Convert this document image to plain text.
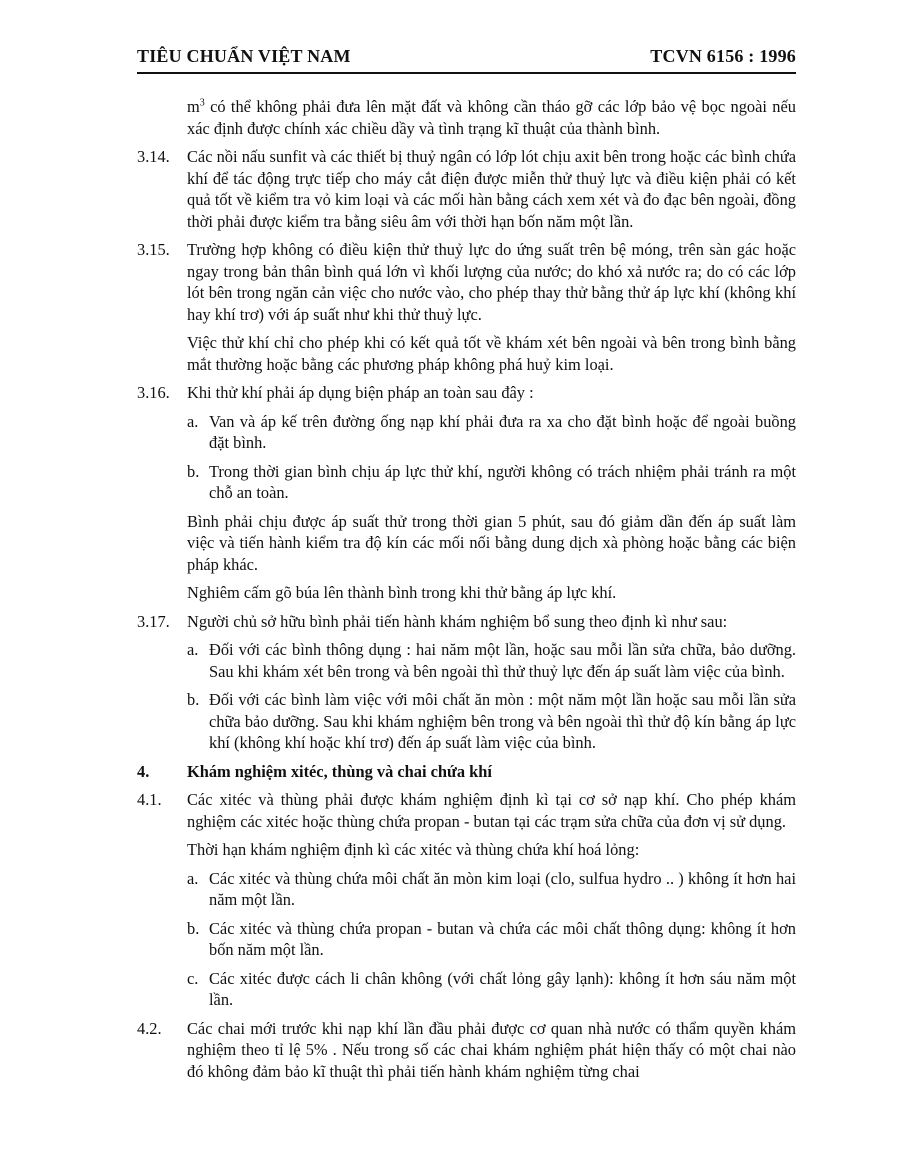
TIÊU CHUẨN VIỆT NAM	TCVN 6156 : 1996
$m^3$ có thể không phải đưa lên mặt đất và không cần tháo gỡ các lớp bảo vệ bọc ngoài nếu xác định được chính xác chiều dầy và tình trạng kĩ thuật của thành bình.
3.14. Các nồi nấu sunfit và các thiết bị thuỷ ngân có lớp lót chịu axit bên trong hoặc các bình chứa khí để tác động trực tiếp cho máy cắt điện được miễn thử thuỷ lực và điều kiện phải có kết quả tốt về kiểm tra vỏ kim loại và các mối hàn bằng cách xem xét và đo đạc bên ngoài, đồng thời phải được kiểm tra bằng siêu âm với thời hạn bốn năm một lần.
3.15. Trường hợp không có điều kiện thử thuỷ lực do ứng suất trên bệ móng, trên sàn gác hoặc ngay trong bản thân bình quá lớn vì khối lượng của nước; do khó xả nước ra; do có các lớp lót bên trong ngăn cản việc cho nước vào, cho phép thay thử bằng thử áp lực khí (không khí hay khí trơ) với áp suất như khi thử thuỷ lực.
Việc thử khí chỉ cho phép khi có kết quả tốt về khám xét bên ngoài và bên trong bình bằng mắt thường hoặc bằng các phương pháp không phá huỷ kim loại.
3.16. Khi thử khí phải áp dụng biện pháp an toàn sau đây :
a. Van và áp kế trên đường ống nạp khí phải đưa ra xa cho đặt bình hoặc để ngoài buồng đặt bình.
b. Trong thời gian bình chịu áp lực thử khí, người không có trách nhiệm phải tránh ra một chỗ an toàn.
Bình phải chịu được áp suất thử trong thời gian 5 phút, sau đó giảm dần đến áp suất làm việc và tiến hành kiểm tra độ kín các mối nối bằng dung dịch xà phòng hoặc bằng các biện pháp khác.
Nghiêm cấm gõ búa lên thành bình trong khi thử bằng áp lực khí.
3.17. Người chủ sở hữu bình phải tiến hành khám nghiệm bổ sung theo định kì như sau:
a. Đối với các bình thông dụng : hai năm một lần, hoặc sau mỗi lần sửa chữa, bảo dưỡng. Sau khi khám xét bên trong và bên ngoài thì thử thuỷ lực đến áp suất làm việc của bình.
b. Đối với các bình làm việc với môi chất ăn mòn : một năm một lần hoặc sau mỗi lần sửa chữa bảo dưỡng. Sau khi khám nghiệm bên trong và bên ngoài thì thử độ kín bằng áp lực khí (không khí hoặc khí trơ) đến áp suất làm việc của bình.
4. Khám nghiệm xitéc, thùng và chai chứa khí
4.1. Các xitéc và thùng phải được khám nghiệm định kì tại cơ sở nạp khí. Cho phép khám nghiệm các xitéc hoặc thùng chứa propan - butan tại các trạm sửa chữa của đơn vị sử dụng.
Thời hạn khám nghiệm định kì các xitéc và thùng chứa khí hoá lỏng:
a. Các xitéc và thùng chứa môi chất ăn mòn kim loại (clo, sulfua hydro .. ) không ít hơn hai năm một lần.
b. Các xitéc và thùng chứa propan - butan và chứa các môi chất thông dụng: không ít hơn bốn năm một lần.
c. Các xitéc được cách li chân không (với chất lỏng gây lạnh): không ít hơn sáu năm một lần.
4.2. Các chai mới trước khi nạp khí lần đầu phải được cơ quan nhà nước có thẩm quyền khám nghiệm theo tỉ lệ 5% . Nếu trong số các chai khám nghiệm phát hiện thấy có một chai nào đó không đảm bảo kĩ thuật thì phải tiến hành khám nghiệm từng chai
